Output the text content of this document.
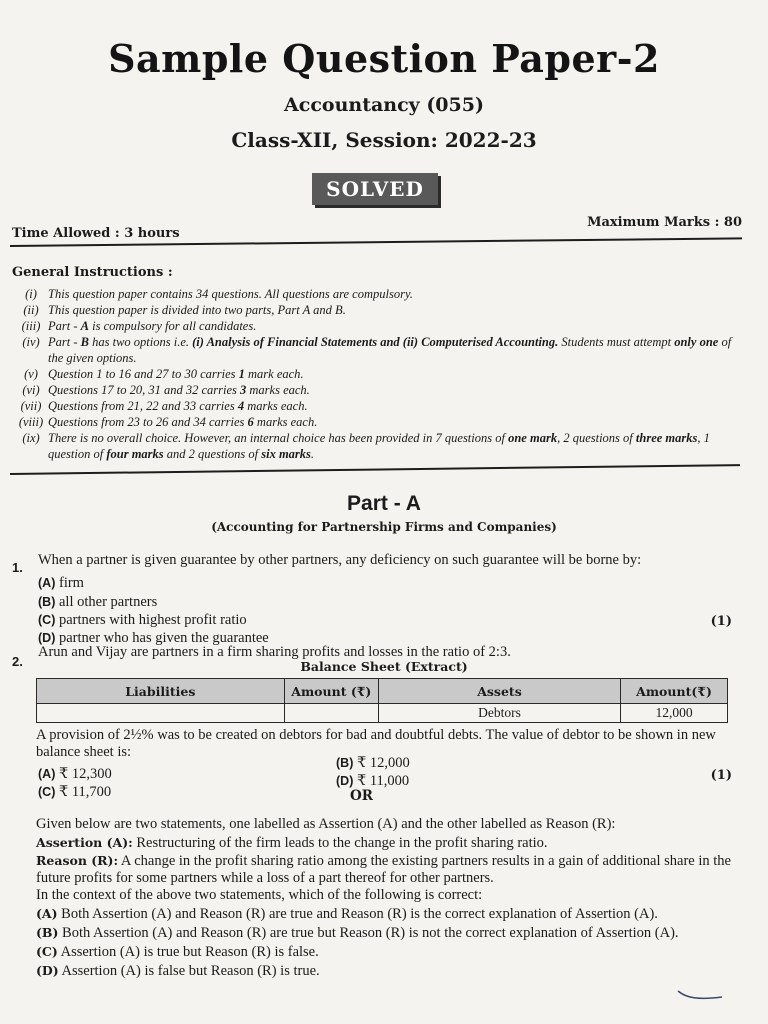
Sample Question Paper-2
Accountancy (055)
Class-XII, Session: 2022-23
SOLVED
Maximum Marks : 80
Time Allowed : 3 hours
General Instructions :
(i) This question paper contains 34 questions. All questions are compulsory.
(ii) This question paper is divided into two parts, Part A and B.
(iii) Part - A is compulsory for all candidates.
(iv) Part - B has two options i.e. (i) Analysis of Financial Statements and (ii) Computerised Accounting. Students must attempt only one of the given options.
(v) Question 1 to 16 and 27 to 30 carries 1 mark each.
(vi) Questions 17 to 20, 31 and 32 carries 3 marks each.
(vii) Questions from 21, 22 and 33 carries 4 marks each.
(viii) Questions from 23 to 26 and 34 carries 6 marks each.
(ix) There is no overall choice. However, an internal choice has been provided in 7 questions of one mark, 2 questions of three marks, 1 question of four marks and 2 questions of six marks.
Part - A
(Accounting for Partnership Firms and Companies)
1. When a partner is given guarantee by other partners, any deficiency on such guarantee will be borne by:
(A) firm
(B) all other partners
(C) partners with highest profit ratio
(D) partner who has given the guarantee
(1)
2.
Arun and Vijay are partners in a firm sharing profits and losses in the ratio of 2:3.
Balance Sheet (Extract)
Liabilities	Amount (₹)	Assets	Amount(₹)
		Debtors	12,000
A provision of 2½% was to be created on debtors for bad and doubtful debts. The value of debtor to be shown in new balance sheet is:
(A) ₹ 12,300
(C) ₹ 11,700
(B) ₹ 12,000
(D) ₹ 11,000	(1)
OR
Given below are two statements, one labelled as Assertion (A) and the other labelled as Reason (R):
Assertion (A): Restructuring of the firm leads to the change in the profit sharing ratio.
Reason (R): A change in the profit sharing ratio among the existing partners results in a gain of additional share in the future profits for some partners while a loss of a part thereof for other partners.
In the context of the above two statements, which of the following is correct:
(A) Both Assertion (A) and Reason (R) are true and Reason (R) is the correct explanation of Assertion (A).
(B) Both Assertion (A) and Reason (R) are true but Reason (R) is not the correct explanation of Assertion (A).
(C) Assertion (A) is true but Reason (R) is false.
(D) Assertion (A) is false but Reason (R) is true.
